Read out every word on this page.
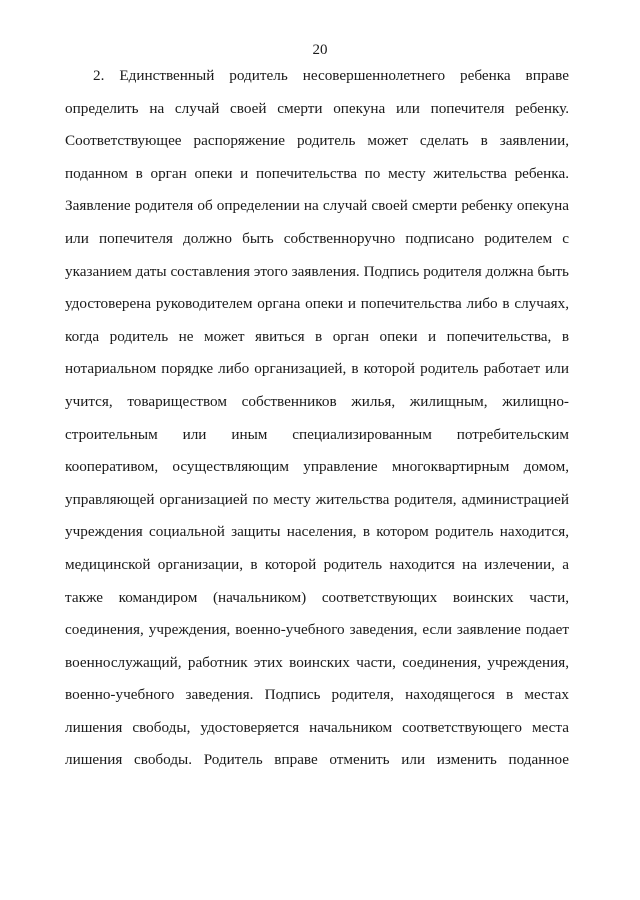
20
2. Единственный родитель несовершеннолетнего ребенка вправе
определить на случай своей смерти опекуна или попечителя ребенку.
Соответствующее распоряжение родитель может сделать в заявлении,
поданном в орган опеки и попечительства по месту жительства ребенка.
Заявление родителя об определении на случай своей смерти ребенку опекуна
или попечителя должно быть собственноручно подписано родителем с
указанием даты составления этого заявления. Подпись родителя должна быть
удостоверена руководителем органа опеки и попечительства либо в случаях,
когда родитель не может явиться в орган опеки и попечительства, в
нотариальном порядке либо организацией, в которой родитель работает или
учится, товариществом собственников жилья, жилищным, жилищно-
строительным или иным специализированным потребительским
кооперативом, осуществляющим управление многоквартирным домом,
управляющей организацией по месту жительства родителя, администрацией
учреждения социальной защиты населения, в котором родитель находится,
медицинской организации, в которой родитель находится на излечении, а
также командиром (начальником) соответствующих воинских части,
соединения, учреждения, военно-учебного заведения, если заявление подает
военнослужащий, работник этих воинских части, соединения, учреждения,
военно-учебного заведения. Подпись родителя, находящегося в местах
лишения свободы, удостоверяется начальником соответствующего места
лишения свободы. Родитель вправе отменить или изменить поданное
